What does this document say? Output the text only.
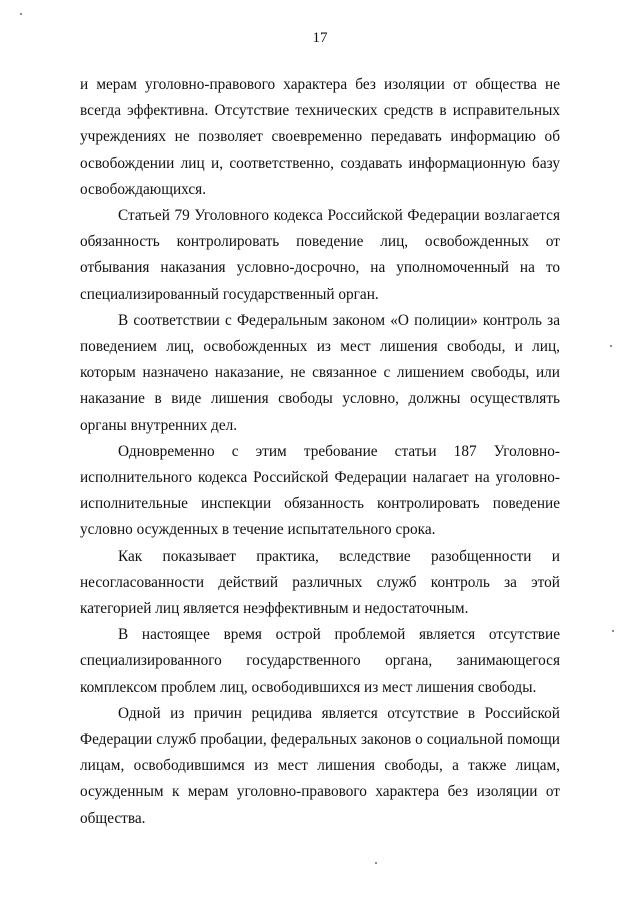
17

и мерам уголовно-правового характера без изоляции от общества не всегда эффективна. Отсутствие технических средств в исправительных учреждениях не позволяет своевременно передавать информацию об освобождении лиц и, соответственно, создавать информационную базу освобождающихся.

Статьей 79 Уголовного кодекса Российской Федерации возлагается обязанность контролировать поведение лиц, освобожденных от отбывания наказания условно-досрочно, на уполномоченный на то специализированный государственный орган.

В соответствии с Федеральным законом «О полиции» контроль за поведением лиц, освобожденных из мест лишения свободы, и лиц, которым назначено наказание, не связанное с лишением свободы, или наказание в виде лишения свободы условно, должны осуществлять органы внутренних дел.

Одновременно с этим требование статьи 187 Уголовно-исполнительного кодекса Российской Федерации налагает на уголовно-исполнительные инспекции обязанность контролировать поведение условно осужденных в течение испытательного срока.

Как показывает практика, вследствие разобщенности и несогласованности действий различных служб контроль за этой категорией лиц является неэффективным и недостаточным.

В настоящее время острой проблемой является отсутствие специализированного государственного органа, занимающегося комплексом проблем лиц, освободившихся из мест лишения свободы.

Одной из причин рецидива является отсутствие в Российской Федерации служб пробации, федеральных законов о социальной помощи лицам, освободившимся из мест лишения свободы, а также лицам, осужденным к мерам уголовно-правового характера без изоляции от общества.
